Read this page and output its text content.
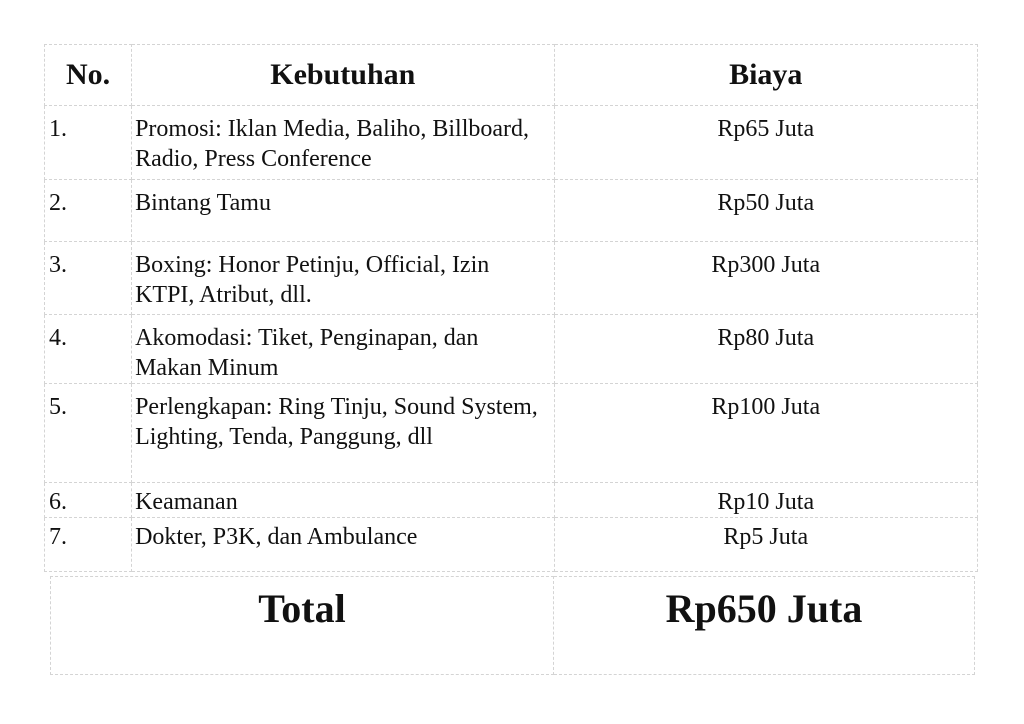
No.	Kebutuhan	Biaya
1.	Promosi: Iklan Media, Baliho, Billboard, Radio, Press Conference	Rp65 Juta
2.	Bintang Tamu	Rp50 Juta
3.	Boxing: Honor Petinju, Official, Izin KTPI, Atribut, dll.	Rp300 Juta
4.	Akomodasi: Tiket, Penginapan, dan Makan Minum	Rp80 Juta
5.	Perlengkapan: Ring Tinju, Sound System, Lighting, Tenda, Panggung, dll	Rp100 Juta
6.	Keamanan	Rp10 Juta
7.	Dokter, P3K, dan Ambulance	Rp5 Juta
Total	Rp650 Juta
